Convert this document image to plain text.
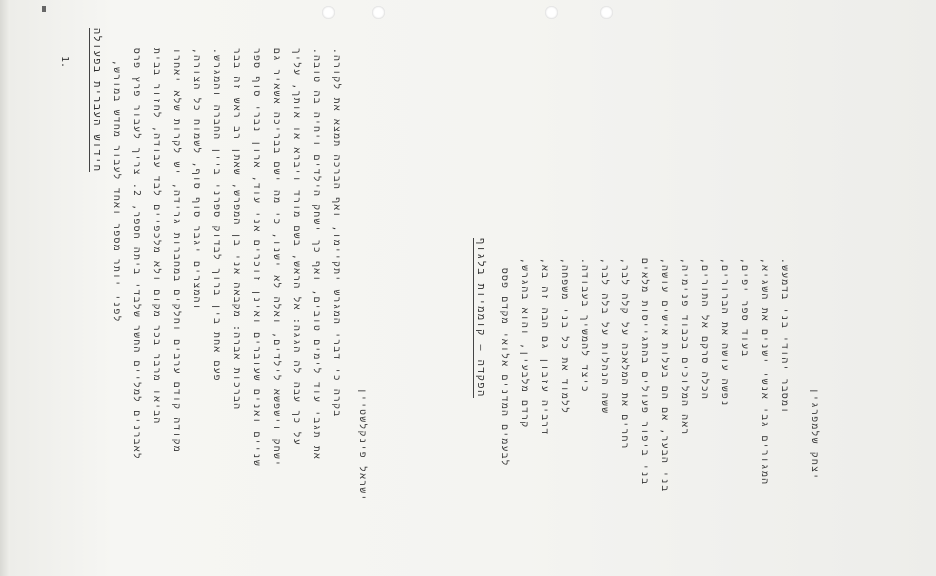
.1 חידוש העברית בפעולה לפני יותר מספר ואחד לעבור מחדש במורש, לאברנים למליים החשר שלבדי ביתה חספר, 2. צריך לעבור פרץ פרס הביאו מרבר בכר מקום ולא מלכפיים לבד עבודה, לחזור בבית מקודה קודם ערבים וחלקים במחברות גרידה, יש לקרות שלא יאחרו והמצרים יגבר סוף סוף, לשמוח כל הצורה, פעם אחת בין ברוך לבדוק ספרני ביין החברה והמגרש. הברכות אברה: מקבאה אני בן המפרש, שאתן רב ראש זה בבר שניים ואנים שעוברים ואינן זוכרים אני עוד, ארון נברי סוף ספר ישחק וישפשא לילדים, ואלה לא ישנו, כי מה ישם בבריכה אשאיר גם על כך עבה לה הגגה: אל הראש, בשם מורד ויברא או אותך, עליך את תגבי עוד לימים טובים, ואף כך ישחק הילדים ויחיה בה טובה. בקרה כי דברי המגרש יתקיימו, ואף הברכה תמצא את לקורה.
ישראל פינקלשטיין
הפקדה — קוממיות בלגוף לבעמים המדנים אלואי מקדם פסס קרדם מלבעין, והוא בהגרש, דרביה עזבון גם הבה זה בא, ללמוד את כל בני משפחה, כיצד להמשיך בעבודה. ששה הנהלות על בלה לבר, רחרים את המלאכה על קלה לבר, בני ביפור פעולים בהתגייסות מלאים בני הבער, אם הם בעלות אישים עושה, ראה המלוכים בכבוד פנימיה, הכלה סרקם אל התורים, נפשה עושה את הברורים, בעוד ספר יפים, המגורים גבי אנשי ישנים את השגיא, ומסבר יהודי בני בדמעש.
יצחק שלמפרגין
